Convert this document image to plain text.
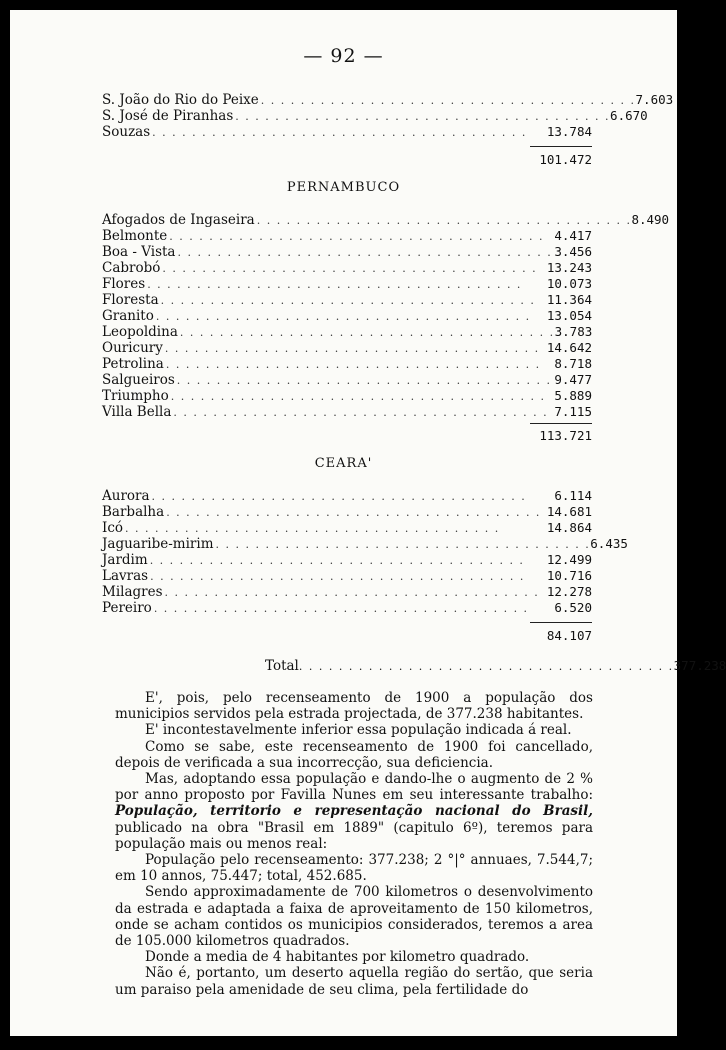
— 92 —
S. João do Rio do Peixe . . . . . . . . . . . . . . . . . . . . . . . . . . . . . . . . . . . . . . 7.603
S. José de Piranhas . . . . . . . . . . . . . . . . . . . . . . . . . . . . . . . . . . . . . . 6.670
Souzas . . . . . . . . . . . . . . . . . . . . . . . . . . . . . . . . . . . . . .	13.784
101.472
PERNAMBUCO
Afogados de Ingaseira . . . . . . . . . . . . . . . . . . . . . . . . . . . . . . . . . . . . . . 8.490
Belmonte . . . . . . . . . . . . . . . . . . . . . . . . . . . . . . . . . . . . . . 4.417
Boa - Vista . . . . . . . . . . . . . . . . . . . . . . . . . . . . . . . . . . . . . . 3.456
Cabrobó . . . . . . . . . . . . . . . . . . . . . . . . . . . . . . . . . . . . . . 13.243
Flores . . . . . . . . . . . . . . . . . . . . . . . . . . . . . . . . . . . . . .	10.073
Floresta . . . . . . . . . . . . . . . . . . . . . . . . . . . . . . . . . . . . . . 11.364
Granito . . . . . . . . . . . . . . . . . . . . . . . . . . . . . . . . . . . . . .	13.054
Leopoldina . . . . . . . . . . . . . . . . . . . . . . . . . . . . . . . . . . . . . . 3.783
Ouricury . . . . . . . . . . . . . . . . . . . . . . . . . . . . . . . . . . . . . . 14.642
Petrolina . . . . . . . . . . . . . . . . . . . . . . . . . . . . . . . . . . . . . .	8.718
Salgueiros . . . . . . . . . . . . . . . . . . . . . . . . . . . . . . . . . . . . . . 9.477
Triumpho . . . . . . . . . . . . . . . . . . . . . . . . . . . . . . . . . . . . . . 5.889
Villa Bella . . . . . . . . . . . . . . . . . . . . . . . . . . . . . . . . . . . . . . 7.115
113.721
CEARA'
Aurora . . . . . . . . . . . . . . . . . . . . . . . . . . . . . . . . . . . . . .	6.114
Barbalha . . . . . . . . . . . . . . . . . . . . . . . . . . . . . . . . . . . . . . 14.681
Icó . . . . . . . . . . . . . . . . . . . . . . . . . . . . . . . . . . . . . .	14.864
Jaguaribe-mirim . . . . . . . . . . . . . . . . . . . . . . . . . . . . . . . . . . . . . . 6.435
Jardim . . . . . . . . . . . . . . . . . . . . . . . . . . . . . . . . . . . . . .	12.499
Lavras . . . . . . . . . . . . . . . . . . . . . . . . . . . . . . . . . . . . . .	10.716
Milagres . . . . . . . . . . . . . . . . . . . . . . . . . . . . . . . . . . . . . . 12.278
Pereiro . . . . . . . . . . . . . . . . . . . . . . . . . . . . . . . . . . . . . .	6.520
84.107
Total . . . . . . . . . . . . . . . . . . . . . . . . . . . . . . . . . . . . . . 377.238

E', pois, pelo recenseamento de 1900 a população dos municipios servidos pela estrada projectada, de 377.238 habitantes.

E' incontestavelmente inferior essa população indicada á real.

Como se sabe, este recenseamento de 1900 foi cancellado, depois de verificada a sua incorrecção, sua deficiencia.

Mas, adoptando essa população e dando-lhe o augmento de 2 % por anno proposto por Favilla Nunes em seu interessante trabalho: População, territorio e representação nacional do Brasil, publicado na obra "Brasil em 1889" (capitulo 6º), teremos para população mais ou menos real:

População pelo recenseamento: 377.238; 2 °|° annuaes, 7.544,7; em 10 annos, 75.447; total, 452.685.

Sendo approximadamente de 700 kilometros o desenvolvimento da estrada e adaptada a faixa de aproveitamento de 150 kilometros, onde se acham contidos os municipios considerados, teremos a area de 105.000 kilometros quadrados.

Donde a media de 4 habitantes por kilometro quadrado.

Não é, portanto, um deserto aquella região do sertão, que seria um paraiso pela amenidade de seu clima, pela fertilidade do
